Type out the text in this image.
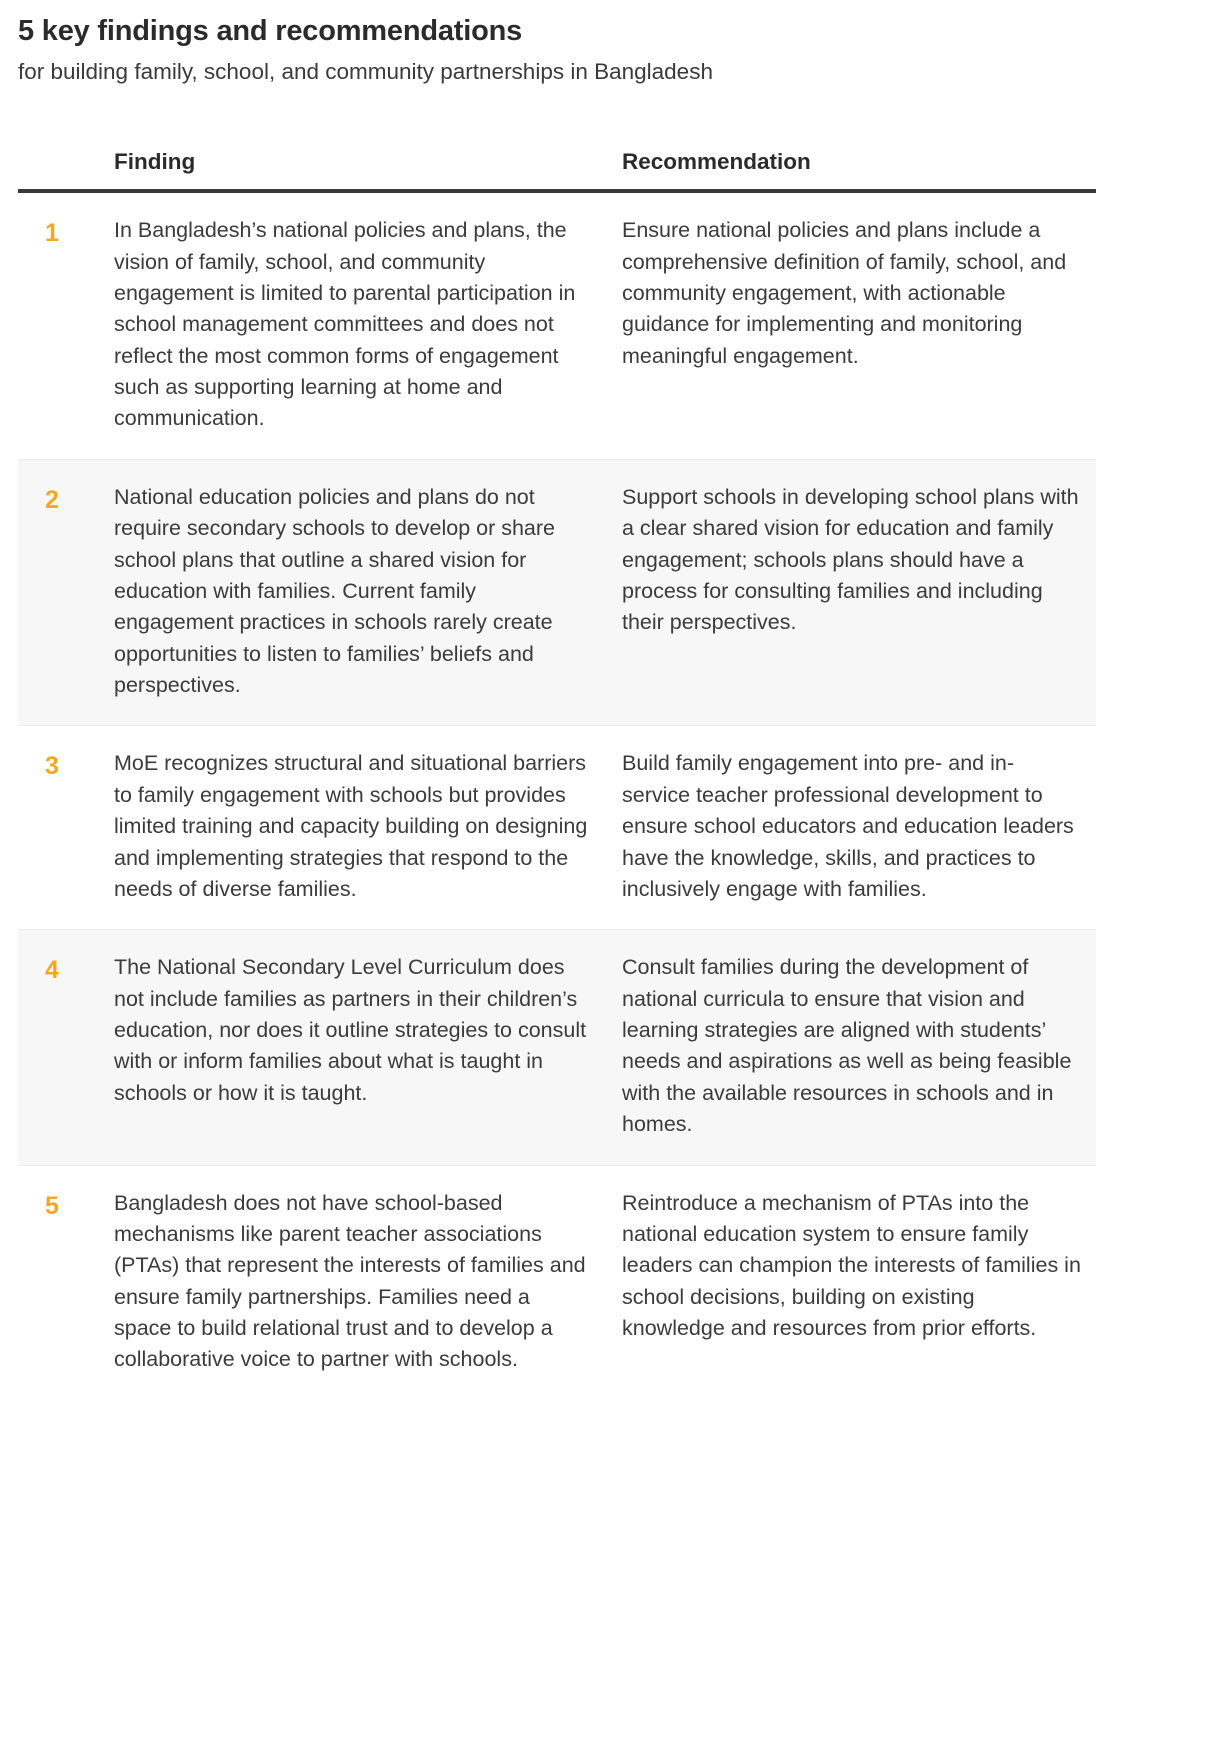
5 key findings and recommendations

for building family, school, and community partnerships in Bangladesh

	Finding	Recommendation

1	In Bangladesh’s national policies and plans, the vision of family, school, and community engagement is limited to parental participation in school management committees and does not reflect the most common forms of engagement such as supporting learning at home and communication.	Ensure national policies and plans include a comprehensive definition of family, school, and community engagement, with actionable guidance for implementing and monitoring meaningful engagement.
2	National education policies and plans do not require secondary schools to develop or share school plans that outline a shared vision for education with families. Current family engagement practices in schools rarely create opportunities to listen to families’ beliefs and perspectives.	Support schools in developing school plans with a clear shared vision for education and family engagement; schools plans should have a process for consulting families and including their perspectives.
3	MoE recognizes structural and situational barriers to family engagement with schools but provides limited training and capacity building on designing and implementing strategies that respond to the needs of diverse families.	Build family engagement into pre- and in-service teacher professional development to ensure school educators and education leaders have the knowledge, skills, and practices to inclusively engage with families.
4	The National Secondary Level Curriculum does not include families as partners in their children’s education, nor does it outline strategies to consult with or inform families about what is taught in schools or how it is taught.	Consult families during the development of national curricula to ensure that vision and learning strategies are aligned with students’ needs and aspirations as well as being feasible with the available resources in schools and in homes.
5	Bangladesh does not have school-based mechanisms like parent teacher associations (PTAs) that represent the interests of families and ensure family partnerships. Families need a space to build relational trust and to develop a collaborative voice to partner with schools.	Reintroduce a mechanism of PTAs into the national education system to ensure family leaders can champion the interests of families in school decisions, building on existing knowledge and resources from prior efforts.
